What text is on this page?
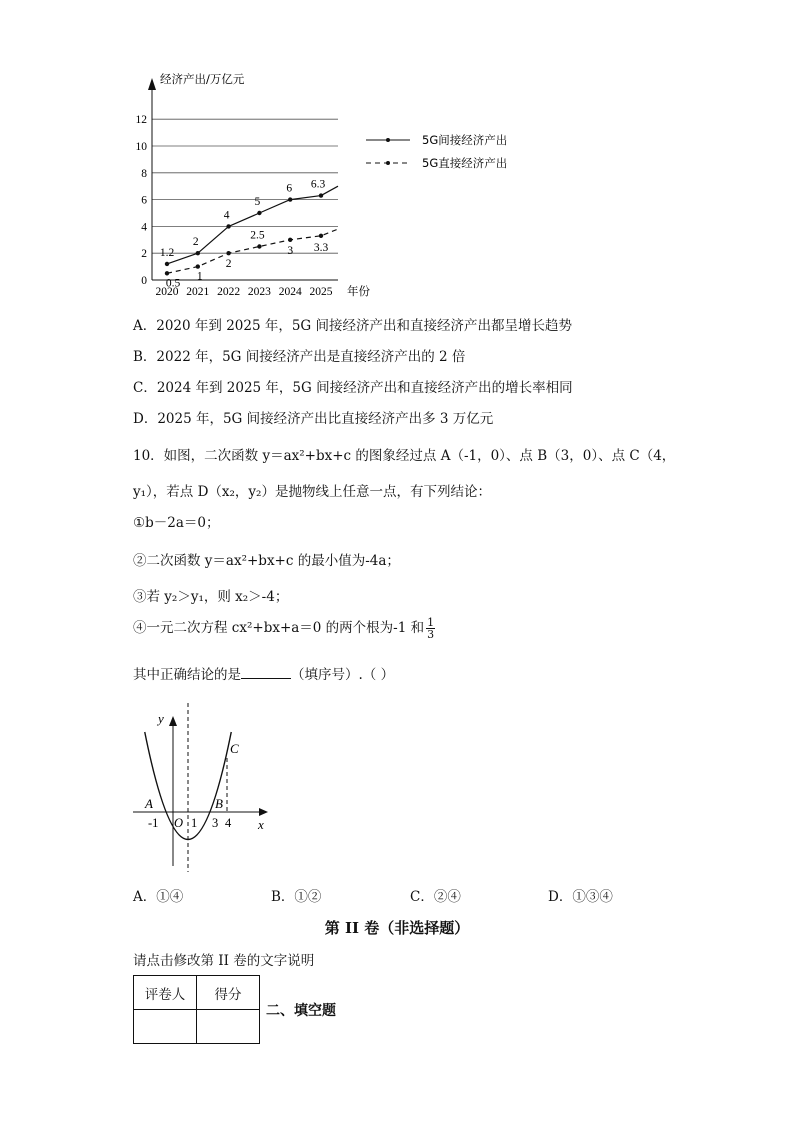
经济产出/万亿元
0
2
4
6
8
10
12
2020 2021 2022 2023 2024 2025
1.2
2
4
5
6 6.3
0.5
1
2
2.5
3 3.3
年份
5G间接经济产出
5G直接经济产出
A．2020 年到 2025 年，5G 间接经济产出和直接经济产出都呈增长趋势
B．2022 年，5G 间接经济产出是直接经济产出的 2 倍
C．2024 年到 2025 年，5G 间接经济产出和直接经济产出的增长率相同
D．2025 年，5G 间接经济产出比直接经济产出多 3 万亿元
10．如图，二次函数 y＝ax²+bx+c 的图象经过点 A（-1，0）、点 B（3，0）、点 C（4，
y₁），若点 D（x₂，y₂）是抛物线上任意一点，有下列结论：
①b－2a＝0；
②二次函数 y＝ax²+bx+c 的最小值为-4a；
③若 y₂＞y₁，则 x₂＞-4；
④一元二次方程 cx²+bx+a＝0 的两个根为-1 和 $\frac{1}{3}$
其中正确结论的是	（填序号）.（ ）
y
C
A	B
-1 O 1 3 4 x
A．①④	B．①②	C．②④	D．①③④
第 II 卷（非选择题）
请点击修改第 II 卷的文字说明
评卷人	得分

二、填空题
